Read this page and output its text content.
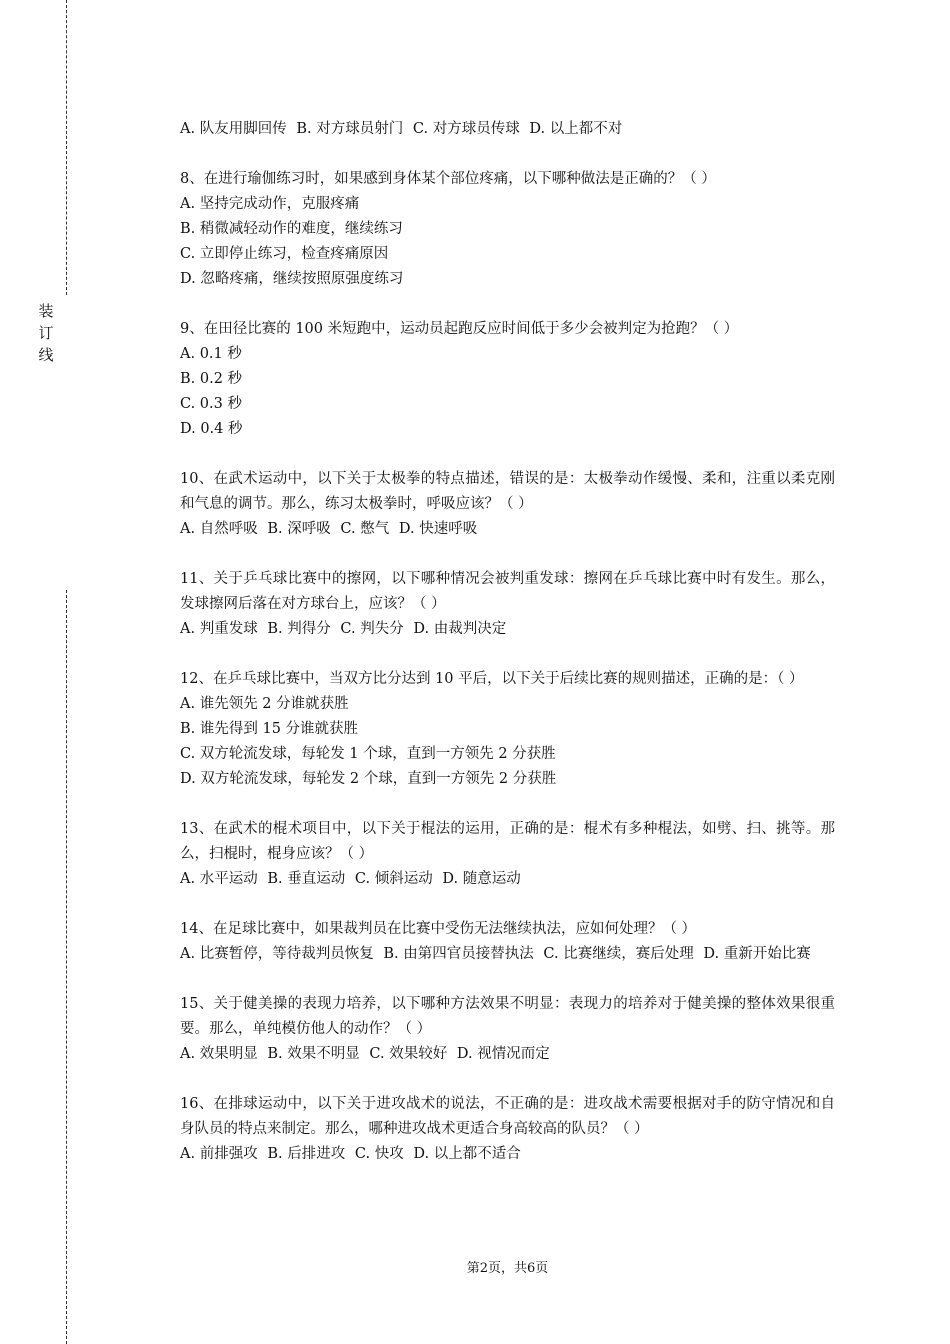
装订线
A. 队友用脚回传 B. 对方球员射门 C. 对方球员传球 D. 以上都不对
8、在进行瑜伽练习时，如果感到身体某个部位疼痛，以下哪种做法是正确的？（ ）
A. 坚持完成动作，克服疼痛
B. 稍微减轻动作的难度，继续练习
C. 立即停止练习，检查疼痛原因
D. 忽略疼痛，继续按照原强度练习
9、在田径比赛的 100 米短跑中，运动员起跑反应时间低于多少会被判定为抢跑？（ ）
A. 0.1 秒
B. 0.2 秒
C. 0.3 秒
D. 0.4 秒
10、在武术运动中，以下关于太极拳的特点描述，错误的是：太极拳动作缓慢、柔和，注重以柔克刚和气息的调节。那么，练习太极拳时，呼吸应该？（ ）
A. 自然呼吸 B. 深呼吸 C. 憋气 D. 快速呼吸
11、关于乒乓球比赛中的擦网，以下哪种情况会被判重发球：擦网在乒乓球比赛中时有发生。那么，发球擦网后落在对方球台上，应该？（ ）
A. 判重发球 B. 判得分 C. 判失分 D. 由裁判决定
12、在乒乓球比赛中，当双方比分达到 10 平后，以下关于后续比赛的规则描述，正确的是：（ ）
A. 谁先领先 2 分谁就获胜
B. 谁先得到 15 分谁就获胜
C. 双方轮流发球，每轮发 1 个球，直到一方领先 2 分获胜
D. 双方轮流发球，每轮发 2 个球，直到一方领先 2 分获胜
13、在武术的棍术项目中，以下关于棍法的运用，正确的是：棍术有多种棍法，如劈、扫、挑等。那么，扫棍时，棍身应该？（ ）
A. 水平运动 B. 垂直运动 C. 倾斜运动 D. 随意运动
14、在足球比赛中，如果裁判员在比赛中受伤无法继续执法，应如何处理？（ ）
A. 比赛暂停，等待裁判员恢复 B. 由第四官员接替执法 C. 比赛继续，赛后处理 D. 重新开始比赛
15、关于健美操的表现力培养，以下哪种方法效果不明显：表现力的培养对于健美操的整体效果很重要。那么，单纯模仿他人的动作？（ ）
A. 效果明显 B. 效果不明显 C. 效果较好 D. 视情况而定
16、在排球运动中，以下关于进攻战术的说法，不正确的是：进攻战术需要根据对手的防守情况和自身队员的特点来制定。那么，哪种进攻战术更适合身高较高的队员？（ ）
A. 前排强攻 B. 后排进攻 C. 快攻 D. 以上都不适合
第2页，共6页
